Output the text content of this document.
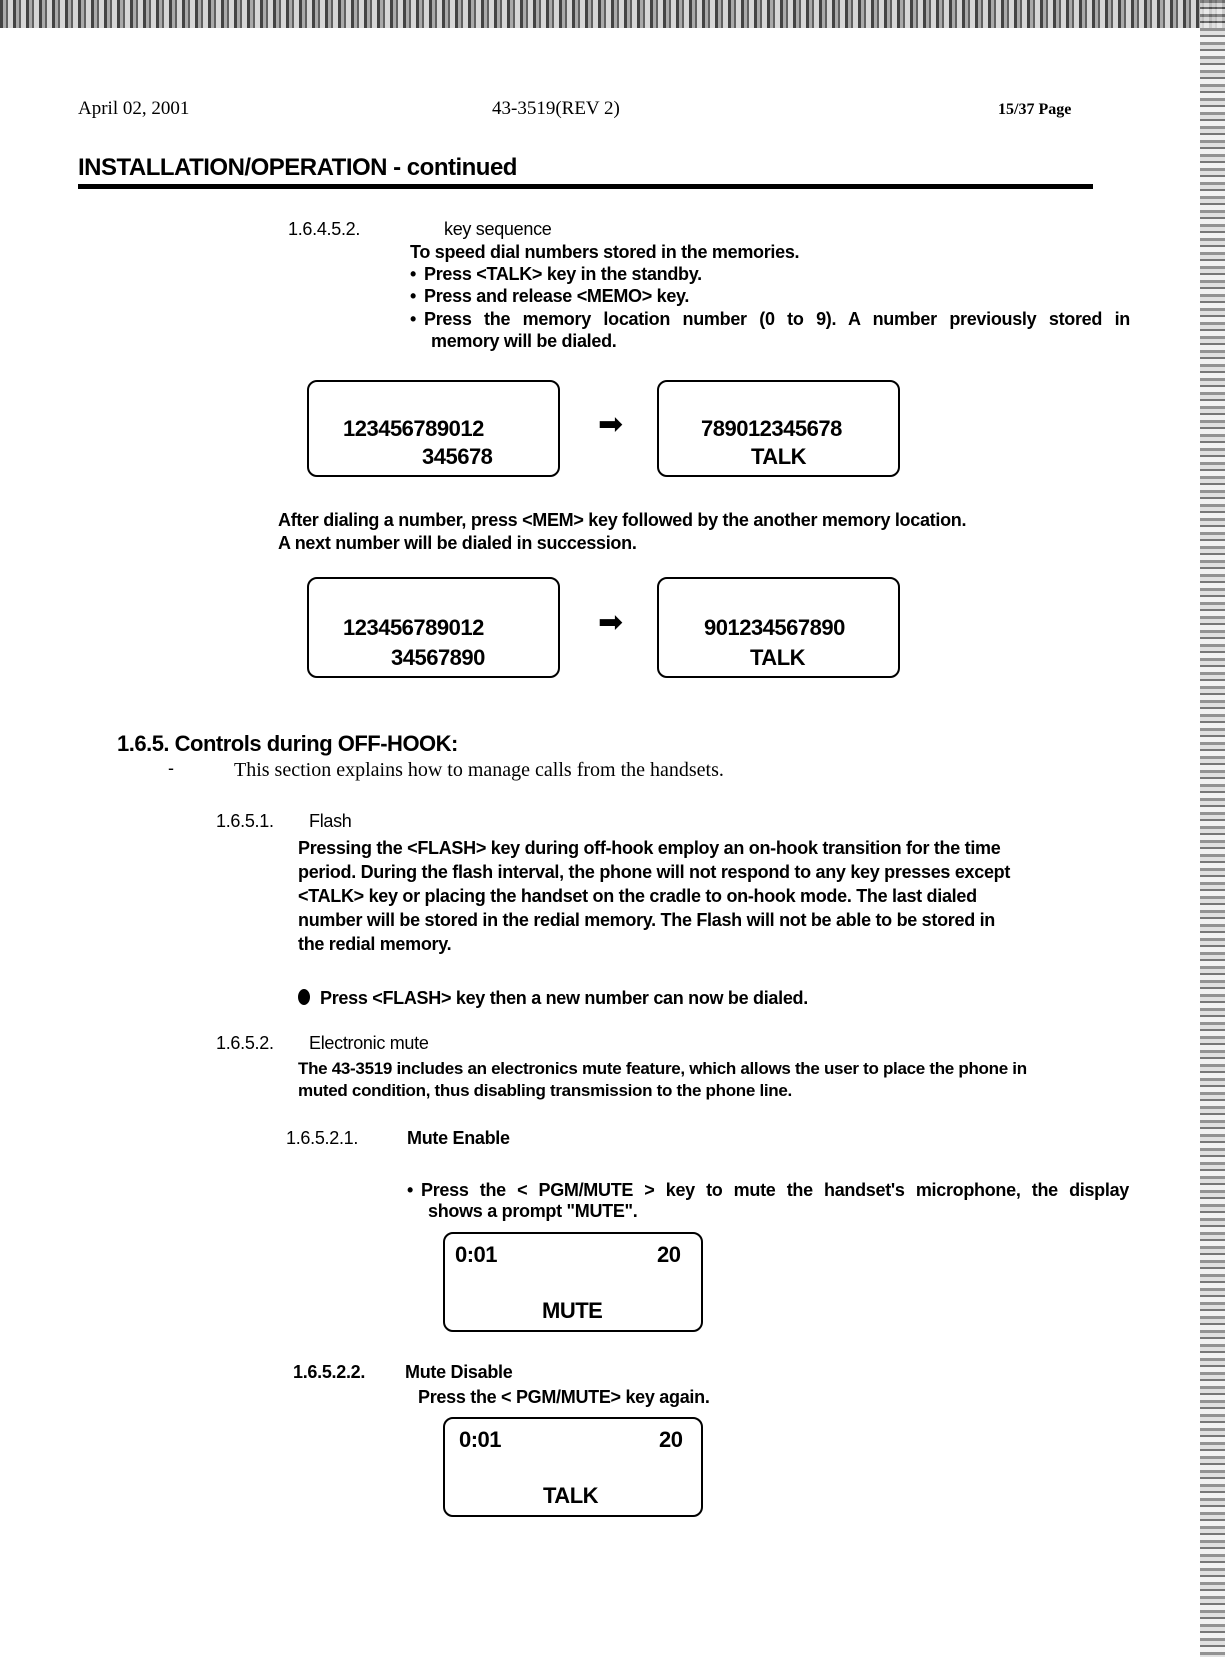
April 02, 2001	43-3519(REV 2)	15/37 Page
INSTALLATION/OPERATION - continued
1.6.4.5.2.	key sequence
To speed dial numbers stored in the memories.
• Press <TALK> key in the standby.
• Press and release <MEMO> key.
• Press the memory location number (0 to 9). A number previously stored in
memory will be dialed.
123456789012
345678
➡	789012345678
TALK
After dialing a number, press <MEM> key followed by the another memory location.
A next number will be dialed in succession.
123456789012
34567890
➡	901234567890
TALK
1.6.5. Controls during OFF-HOOK:
-	This section explains how to manage calls from the handsets.
1.6.5.1. Flash
Pressing the <FLASH> key during off-hook employ an on-hook transition for the time
period. During the flash interval, the phone will not respond to any key presses except
<TALK> key or placing the handset on the cradle to on-hook mode. The last dialed
number will be stored in the redial memory. The Flash will not be able to be stored in
the redial memory.
Press <FLASH> key then a new number can now be dialed.
1.6.5.2. Electronic mute
The 43-3519 includes an electronics mute feature, which allows the user to place the phone in
muted condition, thus disabling transmission to the phone line.
1.6.5.2.1.	Mute Enable
• Press the < PGM/MUTE > key to mute the handset's microphone, the display
shows a prompt "MUTE".
0:01	20
MUTE
1.6.5.2.2. Mute Disable
Press the < PGM/MUTE> key again.
0:01	20
TALK
